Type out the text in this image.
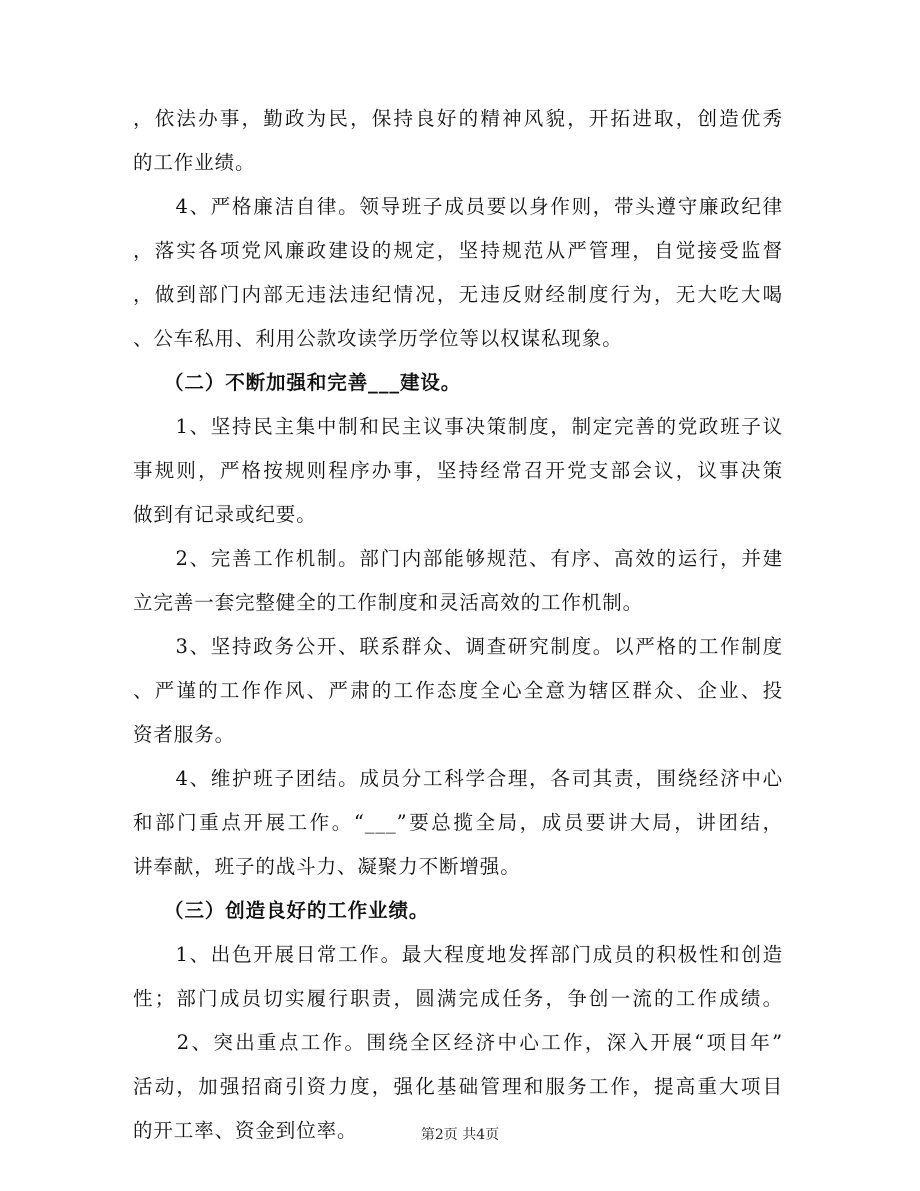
，依法办事，勤政为民，保持良好的精神风貌，开拓进取，创造优秀
的工作业绩。
　　4、严格廉洁自律。领导班子成员要以身作则，带头遵守廉政纪律
，落实各项党风廉政建设的规定，坚持规范从严管理，自觉接受监督
，做到部门内部无违法违纪情况，无违反财经制度行为，无大吃大喝
、公车私用、利用公款攻读学历学位等以权谋私现象。
　　（二）不断加强和完善___建设。
　　1、坚持民主集中制和民主议事决策制度，制定完善的党政班子议
事规则，严格按规则程序办事，坚持经常召开党支部会议，议事决策
做到有记录或纪要。
　　2、完善工作机制。部门内部能够规范、有序、高效的运行，并建
立完善一套完整健全的工作制度和灵活高效的工作机制。
　　3、坚持政务公开、联系群众、调查研究制度。以严格的工作制度
、严谨的工作作风、严肃的工作态度全心全意为辖区群众、企业、投
资者服务。
　　4、维护班子团结。成员分工科学合理，各司其责，围绕经济中心
和部门重点开展工作。“___”要总揽全局，成员要讲大局，讲团结，
讲奉献，班子的战斗力、凝聚力不断增强。
　　（三）创造良好的工作业绩。
　　1、出色开展日常工作。最大程度地发挥部门成员的积极性和创造
性；部门成员切实履行职责，圆满完成任务，争创一流的工作成绩。
　　2、突出重点工作。围绕全区经济中心工作，深入开展“项目年”
活动，加强招商引资力度，强化基础管理和服务工作，提高重大项目
的开工率、资金到位率。	第2页 共4页
